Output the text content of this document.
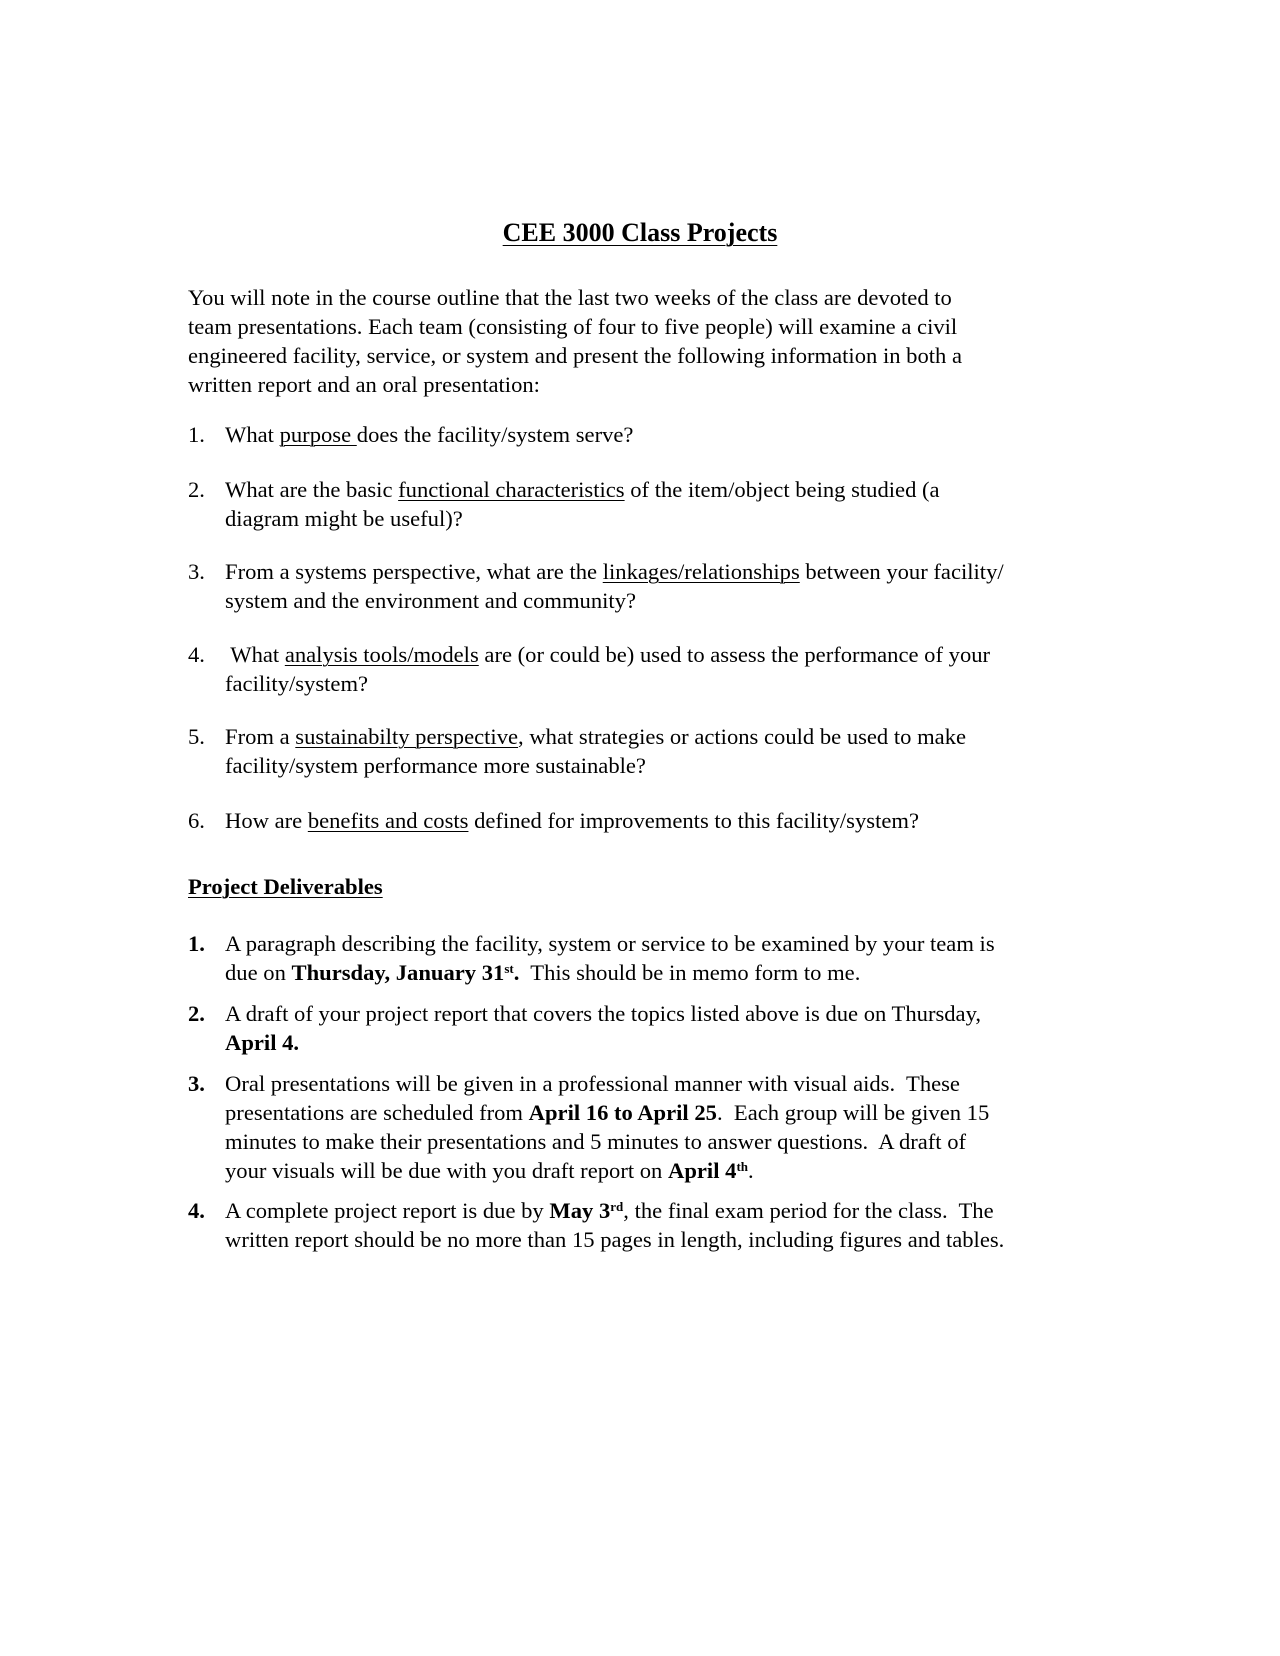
CEE 3000 Class Projects

You will note in the course outline that the last two weeks of the class are devoted to
team presentations. Each team (consisting of four to five people) will examine a civil
engineered facility, service, or system and present the following information in both a
written report and an oral presentation:

1. What purpose does the facility/system serve?
2. What are the basic functional characteristics of the item/object being studied (a
diagram might be useful)?
3. From a systems perspective, what are the linkages/relationships between your facility/
system and the environment and community?
4. What analysis tools/models are (or could be) used to assess the performance of your
facility/system?
5. From a sustainabilty perspective, what strategies or actions could be used to make
facility/system performance more sustainable?
6. How are benefits and costs defined for improvements to this facility/system?

Project Deliverables

1. A paragraph describing the facility, system or service to be examined by your team is
due on Thursday, January 31st.  This should be in memo form to me.
2. A draft of your project report that covers the topics listed above is due on Thursday,
April 4.
3. Oral presentations will be given in a professional manner with visual aids.  These
presentations are scheduled from April 16 to April 25.  Each group will be given 15
minutes to make their presentations and 5 minutes to answer questions.  A draft of
your visuals will be due with you draft report on April 4th.
4. A complete project report is due by May 3rd, the final exam period for the class.  The
written report should be no more than 15 pages in length, including figures and tables.
